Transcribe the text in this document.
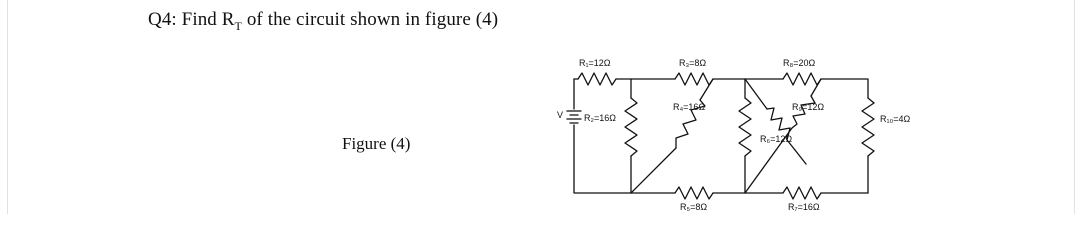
Q4: Find $R_T$ of the circuit shown in figure (4)
Figure (4)
V
R₁=12Ω	R₃=8Ω	R₈=20Ω
R₂=16Ω
R₄=16Ω	R₉=12Ω
R₆=12Ω
R₁₀=4Ω
R₅=8Ω	R₇=16Ω
